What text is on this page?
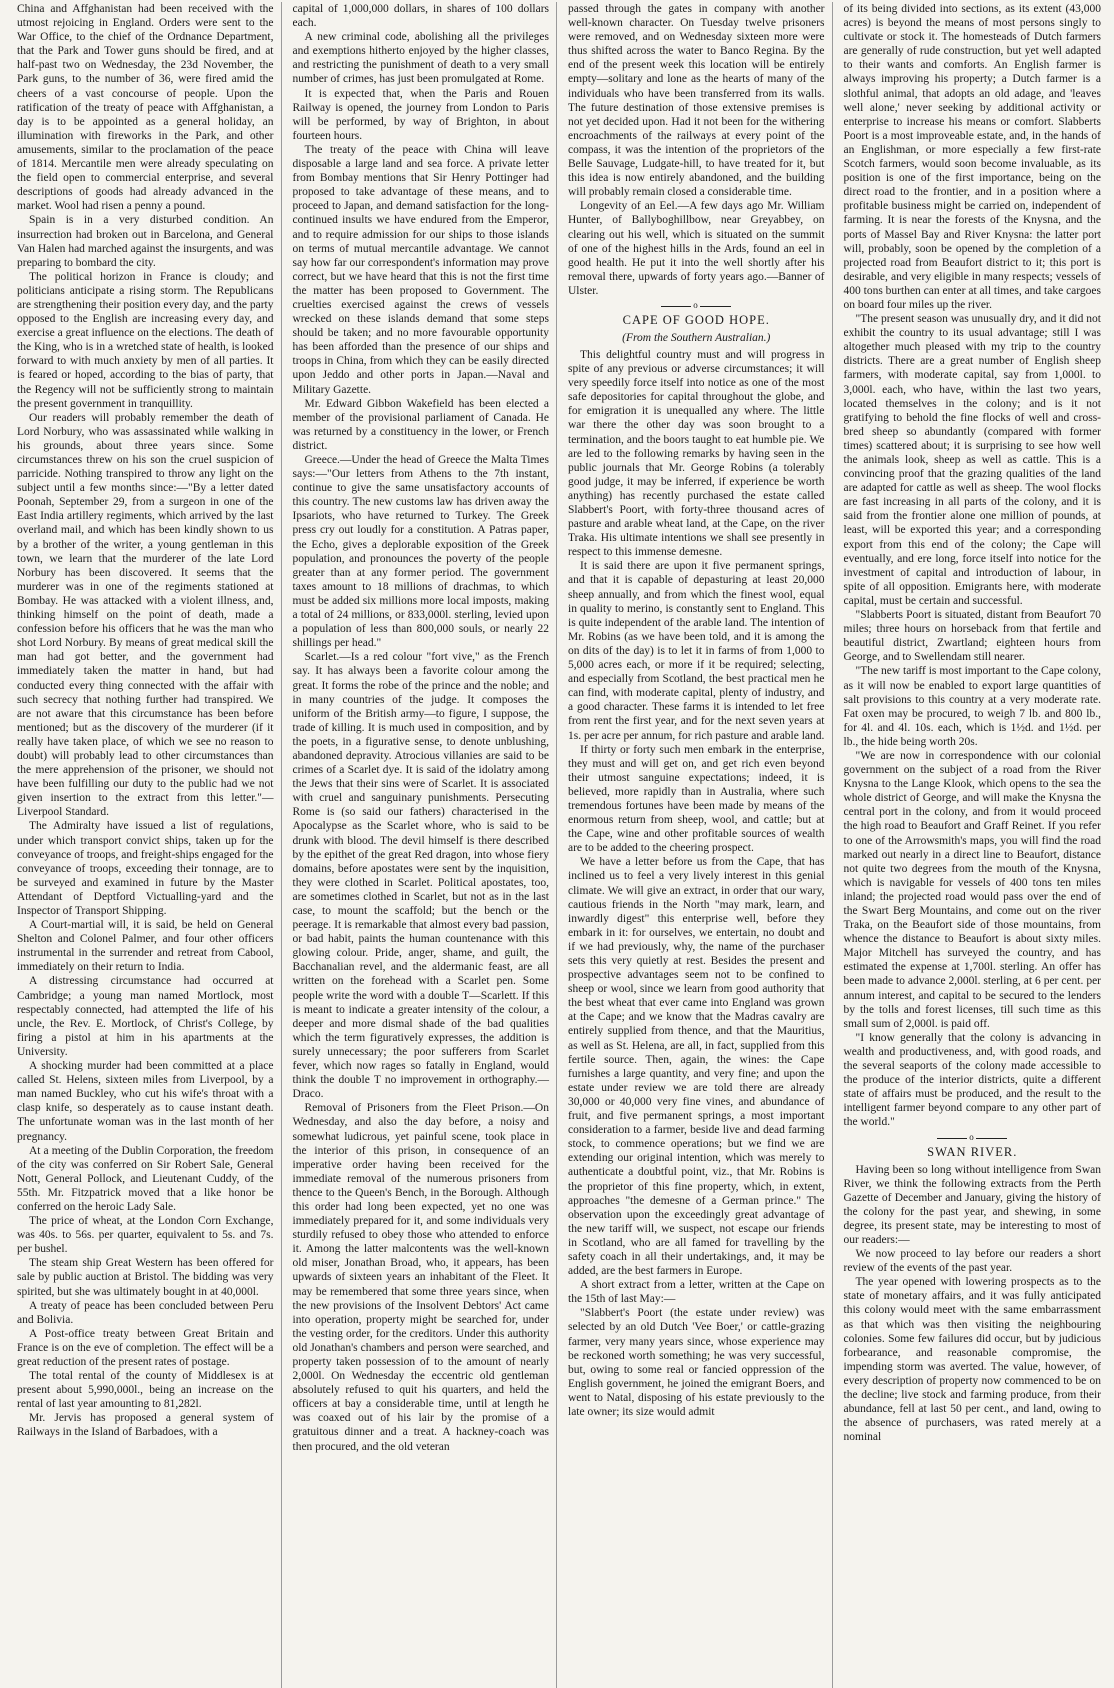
China and Affghanistan had been received with the utmost rejoicing in England. Orders were sent to the War Office, to the chief of the Ordnance Department, that the Park and Tower guns should be fired, and at half-past two on Wednesday, the 23d November, the Park guns, to the number of 36, were fired amid the cheers of a vast concourse of people. Upon the ratification of the treaty of peace with Affghanistan, a day is to be appointed as a general holiday, an illumination with fireworks in the Park, and other amusements, similar to the proclamation of the peace of 1814. Mercantile men were already speculating on the field open to commercial enterprise, and several descriptions of goods had already advanced in the market. Wool had risen a penny a pound.

Spain is in a very disturbed condition. An insurrection had broken out in Barcelona, and General Van Halen had marched against the insurgents, and was preparing to bombard the city.

The political horizon in France is cloudy; and politicians anticipate a rising storm. The Republicans are strengthening their position every day, and the party opposed to the English are increasing every day, and exercise a great influence on the elections. The death of the King, who is in a wretched state of health, is looked forward to with much anxiety by men of all parties. It is feared or hoped, according to the bias of party, that the Regency will not be sufficiently strong to maintain the present government in tranquillity.

Our readers will probably remember the death of Lord Norbury, who was assassinated while walking in his grounds, about three years since. Some circumstances threw on his son the cruel suspicion of parricide. Nothing transpired to throw any light on the subject until a few months since:—"By a letter dated Poonah, September 29, from a surgeon in one of the East India artillery regiments, which arrived by the last overland mail, and which has been kindly shown to us by a brother of the writer, a young gentleman in this town, we learn that the murderer of the late Lord Norbury has been discovered. It seems that the murderer was in one of the regiments stationed at Bombay. He was attacked with a violent illness, and, thinking himself on the point of death, made a confession before his officers that he was the man who shot Lord Norbury. By means of great medical skill the man had got better, and the government had immediately taken the matter in hand, but had conducted every thing connected with the affair with such secrecy that nothing further had transpired. We are not aware that this circumstance has been before mentioned; but as the discovery of the murderer (if it really have taken place, of which we see no reason to doubt) will probably lead to other circumstances than the mere apprehension of the prisoner, we should not have been fulfilling our duty to the public had we not given insertion to the extract from this letter."—Liverpool Standard.

The Admiralty have issued a list of regulations, under which transport convict ships, taken up for the conveyance of troops, and freight-ships engaged for the conveyance of troops, exceeding their tonnage, are to be surveyed and examined in future by the Master Attendant of Deptford Victualling-yard and the Inspector of Transport Shipping.

A Court-martial will, it is said, be held on General Shelton and Colonel Palmer, and four other officers instrumental in the surrender and retreat from Cabool, immediately on their return to India.

A distressing circumstance had occurred at Cambridge; a young man named Mortlock, most respectably connected, had attempted the life of his uncle, the Rev. E. Mortlock, of Christ's College, by firing a pistol at him in his apartments at the University.

A shocking murder had been committed at a place called St. Helens, sixteen miles from Liverpool, by a man named Buckley, who cut his wife's throat with a clasp knife, so desperately as to cause instant death. The unfortunate woman was in the last month of her pregnancy.

At a meeting of the Dublin Corporation, the freedom of the city was conferred on Sir Robert Sale, General Nott, General Pollock, and Lieutenant Cuddy, of the 55th. Mr. Fitzpatrick moved that a like honor be conferred on the heroic Lady Sale.

The price of wheat, at the London Corn Exchange, was 40s. to 56s. per quarter, equivalent to 5s. and 7s. per bushel.

The steam ship Great Western has been offered for sale by public auction at Bristol. The bidding was very spirited, but she was ultimately bought in at 40,000l.

A treaty of peace has been concluded between Peru and Bolivia.

A Post-office treaty between Great Britain and France is on the eve of completion. The effect will be a great reduction of the present rates of postage.

The total rental of the county of Middlesex is at present about 5,990,000l., being an increase on the rental of last year amounting to 81,282l.

Mr. Jervis has proposed a general system of Railways in the Island of Barbadoes, with a

capital of 1,000,000 dollars, in shares of 100 dollars each.

A new criminal code, abolishing all the privileges and exemptions hitherto enjoyed by the higher classes, and restricting the punishment of death to a very small number of crimes, has just been promulgated at Rome.

It is expected that, when the Paris and Rouen Railway is opened, the journey from London to Paris will be performed, by way of Brighton, in about fourteen hours.

The treaty of the peace with China will leave disposable a large land and sea force. A private letter from Bombay mentions that Sir Henry Pottinger had proposed to take advantage of these means, and to proceed to Japan, and demand satisfaction for the long-continued insults we have endured from the Emperor, and to require admission for our ships to those islands on terms of mutual mercantile advantage. We cannot say how far our correspondent's information may prove correct, but we have heard that this is not the first time the matter has been proposed to Government. The cruelties exercised against the crews of vessels wrecked on these islands demand that some steps should be taken; and no more favourable opportunity has been afforded than the presence of our ships and troops in China, from which they can be easily directed upon Jeddo and other ports in Japan.—Naval and Military Gazette.

Mr. Edward Gibbon Wakefield has been elected a member of the provisional parliament of Canada. He was returned by a constituency in the lower, or French district.

Greece.—Under the head of Greece the Malta Times says:—"Our letters from Athens to the 7th instant, continue to give the same unsatisfactory accounts of this country. The new customs law has driven away the Ipsariots, who have returned to Turkey. The Greek press cry out loudly for a constitution. A Patras paper, the Echo, gives a deplorable exposition of the Greek population, and pronounces the poverty of the people greater than at any former period. The government taxes amount to 18 millions of drachmas, to which must be added six millions more local imposts, making a total of 24 millions, or 833,000l. sterling, levied upon a population of less than 800,000 souls, or nearly 22 shillings per head."

Scarlet.—Is a red colour "fort vive," as the French say. It has always been a favorite colour among the great. It forms the robe of the prince and the noble; and in many countries of the judge. It composes the uniform of the British army—to figure, I suppose, the trade of killing. It is much used in composition, and by the poets, in a figurative sense, to denote unblushing, abandoned depravity. Atrocious villanies are said to be crimes of a Scarlet dye. It is said of the idolatry among the Jews that their sins were of Scarlet. It is associated with cruel and sanguinary punishments. Persecuting Rome is (so said our fathers) characterised in the Apocalypse as the Scarlet whore, who is said to be drunk with blood. The devil himself is there described by the epithet of the great Red dragon, into whose fiery domains, before apostates were sent by the inquisition, they were clothed in Scarlet. Political apostates, too, are sometimes clothed in Scarlet, but not as in the last case, to mount the scaffold; but the bench or the peerage. It is remarkable that almost every bad passion, or bad habit, paints the human countenance with this glowing colour. Pride, anger, shame, and guilt, the Bacchanalian revel, and the aldermanic feast, are all written on the forehead with a Scarlet pen. Some people write the word with a double T—Scarlett. If this is meant to indicate a greater intensity of the colour, a deeper and more dismal shade of the bad qualities which the term figuratively expresses, the addition is surely unnecessary; the poor sufferers from Scarlet fever, which now rages so fatally in England, would think the double T no improvement in orthography.—Draco.

Removal of Prisoners from the Fleet Prison.—On Wednesday, and also the day before, a noisy and somewhat ludicrous, yet painful scene, took place in the interior of this prison, in consequence of an imperative order having been received for the immediate removal of the numerous prisoners from thence to the Queen's Bench, in the Borough. Although this order had long been expected, yet no one was immediately prepared for it, and some individuals very sturdily refused to obey those who attended to enforce it. Among the latter malcontents was the well-known old miser, Jonathan Broad, who, it appears, has been upwards of sixteen years an inhabitant of the Fleet. It may be remembered that some three years since, when the new provisions of the Insolvent Debtors' Act came into operation, property might be searched for, under the vesting order, for the creditors. Under this authority old Jonathan's chambers and person were searched, and property taken possession of to the amount of nearly 2,000l. On Wednesday the eccentric old gentleman absolutely refused to quit his quarters, and held the officers at bay a considerable time, until at length he was coaxed out of his lair by the promise of a gratuitous dinner and a treat. A hackney-coach was then procured, and the old veteran

passed through the gates in company with another well-known character. On Tuesday twelve prisoners were removed, and on Wednesday sixteen more were thus shifted across the water to Banco Regina. By the end of the present week this location will be entirely empty—solitary and lone as the hearts of many of the individuals who have been transferred from its walls. The future destination of those extensive premises is not yet decided upon. Had it not been for the withering encroachments of the railways at every point of the compass, it was the intention of the proprietors of the Belle Sauvage, Ludgate-hill, to have treated for it, but this idea is now entirely abandoned, and the building will probably remain closed a considerable time.

Longevity of an Eel.—A few days ago Mr. William Hunter, of Ballyboghillbow, near Greyabbey, on clearing out his well, which is situated on the summit of one of the highest hills in the Ards, found an eel in good health. He put it into the well shortly after his removal there, upwards of forty years ago.—Banner of Ulster.

o
CAPE OF GOOD HOPE.
(From the Southern Australian.)

This delightful country must and will progress in spite of any previous or adverse circumstances; it will very speedily force itself into notice as one of the most safe depositories for capital throughout the globe, and for emigration it is unequalled any where. The little war there the other day was soon brought to a termination, and the boors taught to eat humble pie. We are led to the following remarks by having seen in the public journals that Mr. George Robins (a tolerably good judge, it may be inferred, if experience be worth anything) has recently purchased the estate called Slabbert's Poort, with forty-three thousand acres of pasture and arable wheat land, at the Cape, on the river Traka. His ultimate intentions we shall see presently in respect to this immense demesne.

It is said there are upon it five permanent springs, and that it is capable of depasturing at least 20,000 sheep annually, and from which the finest wool, equal in quality to merino, is constantly sent to England. This is quite independent of the arable land. The intention of Mr. Robins (as we have been told, and it is among the on dits of the day) is to let it in farms of from 1,000 to 5,000 acres each, or more if it be required; selecting, and especially from Scotland, the best practical men he can find, with moderate capital, plenty of industry, and a good character. These farms it is intended to let free from rent the first year, and for the next seven years at 1s. per acre per annum, for rich pasture and arable land.

If thirty or forty such men embark in the enterprise, they must and will get on, and get rich even beyond their utmost sanguine expectations; indeed, it is believed, more rapidly than in Australia, where such tremendous fortunes have been made by means of the enormous return from sheep, wool, and cattle; but at the Cape, wine and other profitable sources of wealth are to be added to the cheering prospect.

We have a letter before us from the Cape, that has inclined us to feel a very lively interest in this genial climate. We will give an extract, in order that our wary, cautious friends in the North "may mark, learn, and inwardly digest" this enterprise well, before they embark in it: for ourselves, we entertain, no doubt and if we had previously, why, the name of the purchaser sets this very quietly at rest. Besides the present and prospective advantages seem not to be confined to sheep or wool, since we learn from good authority that the best wheat that ever came into England was grown at the Cape; and we know that the Madras cavalry are entirely supplied from thence, and that the Mauritius, as well as St. Helena, are all, in fact, supplied from this fertile source. Then, again, the wines: the Cape furnishes a large quantity, and very fine; and upon the estate under review we are told there are already 30,000 or 40,000 very fine vines, and abundance of fruit, and five permanent springs, a most important consideration to a farmer, beside live and dead farming stock, to commence operations; but we find we are extending our original intention, which was merely to authenticate a doubtful point, viz., that Mr. Robins is the proprietor of this fine property, which, in extent, approaches "the demesne of a German prince." The observation upon the exceedingly great advantage of the new tariff will, we suspect, not escape our friends in Scotland, who are all famed for travelling by the safety coach in all their undertakings, and, it may be added, are the best farmers in Europe.

A short extract from a letter, written at the Cape on the 15th of last May:—

"Slabbert's Poort (the estate under review) was selected by an old Dutch 'Vee Boer,' or cattle-grazing farmer, very many years since, whose experience may be reckoned worth something; he was very successful, but, owing to some real or fancied oppression of the English government, he joined the emigrant Boers, and went to Natal, disposing of his estate previously to the late owner; its size would admit

of its being divided into sections, as its extent (43,000 acres) is beyond the means of most persons singly to cultivate or stock it. The homesteads of Dutch farmers are generally of rude construction, but yet well adapted to their wants and comforts. An English farmer is always improving his property; a Dutch farmer is a slothful animal, that adopts an old adage, and 'leaves well alone,' never seeking by additional activity or enterprise to increase his means or comfort. Slabberts Poort is a most improveable estate, and, in the hands of an Englishman, or more especially a few first-rate Scotch farmers, would soon become invaluable, as its position is one of the first importance, being on the direct road to the frontier, and in a position where a profitable business might be carried on, independent of farming. It is near the forests of the Knysna, and the ports of Massel Bay and River Knysna: the latter port will, probably, soon be opened by the completion of a projected road from Beaufort district to it; this port is desirable, and very eligible in many respects; vessels of 400 tons burthen can enter at all times, and take cargoes on board four miles up the river.

"The present season was unusually dry, and it did not exhibit the country to its usual advantage; still I was altogether much pleased with my trip to the country districts. There are a great number of English sheep farmers, with moderate capital, say from 1,000l. to 3,000l. each, who have, within the last two years, located themselves in the colony; and is it not gratifying to behold the fine flocks of well and cross-bred sheep so abundantly (compared with former times) scattered about; it is surprising to see how well the animals look, sheep as well as cattle. This is a convincing proof that the grazing qualities of the land are adapted for cattle as well as sheep. The wool flocks are fast increasing in all parts of the colony, and it is said from the frontier alone one million of pounds, at least, will be exported this year; and a corresponding export from this end of the colony; the Cape will eventually, and ere long, force itself into notice for the investment of capital and introduction of labour, in spite of all opposition. Emigrants here, with moderate capital, must be certain and successful.

"Slabberts Poort is situated, distant from Beaufort 70 miles; three hours on horseback from that fertile and beautiful district, Zwartland; eighteen hours from George, and to Swellendam still nearer.

"The new tariff is most important to the Cape colony, as it will now be enabled to export large quantities of salt provisions to this country at a very moderate rate. Fat oxen may be procured, to weigh 7 lb. and 800 lb., for 4l. and 4l. 10s. each, which is 1½d. and 1½d. per lb., the hide being worth 20s.

"We are now in correspondence with our colonial government on the subject of a road from the River Knysna to the Lange Klook, which opens to the sea the whole district of George, and will make the Knysna the central port in the colony, and from it would proceed the high road to Beaufort and Graff Reinet. If you refer to one of the Arrowsmith's maps, you will find the road marked out nearly in a direct line to Beaufort, distance not quite two degrees from the mouth of the Knysna, which is navigable for vessels of 400 tons ten miles inland; the projected road would pass over the end of the Swart Berg Mountains, and come out on the river Traka, on the Beaufort side of those mountains, from whence the distance to Beaufort is about sixty miles. Major Mitchell has surveyed the country, and has estimated the expense at 1,700l. sterling. An offer has been made to advance 2,000l. sterling, at 6 per cent. per annum interest, and capital to be secured to the lenders by the tolls and forest licenses, till such time as this small sum of 2,000l. is paid off.

"I know generally that the colony is advancing in wealth and productiveness, and, with good roads, and the several seaports of the colony made accessible to the produce of the interior districts, quite a different state of affairs must be produced, and the result to the intelligent farmer beyond compare to any other part of the world."

o
SWAN RIVER.

Having been so long without intelligence from Swan River, we think the following extracts from the Perth Gazette of December and January, giving the history of the colony for the past year, and shewing, in some degree, its present state, may be interesting to most of our readers:—

We now proceed to lay before our readers a short review of the events of the past year.

The year opened with lowering prospects as to the state of monetary affairs, and it was fully anticipated this colony would meet with the same embarrassment as that which was then visiting the neighbouring colonies. Some few failures did occur, but by judicious forbearance, and reasonable compromise, the impending storm was averted. The value, however, of every description of property now commenced to be on the decline; live stock and farming produce, from their abundance, fell at last 50 per cent., and land, owing to the absence of purchasers, was rated merely at a nominal
